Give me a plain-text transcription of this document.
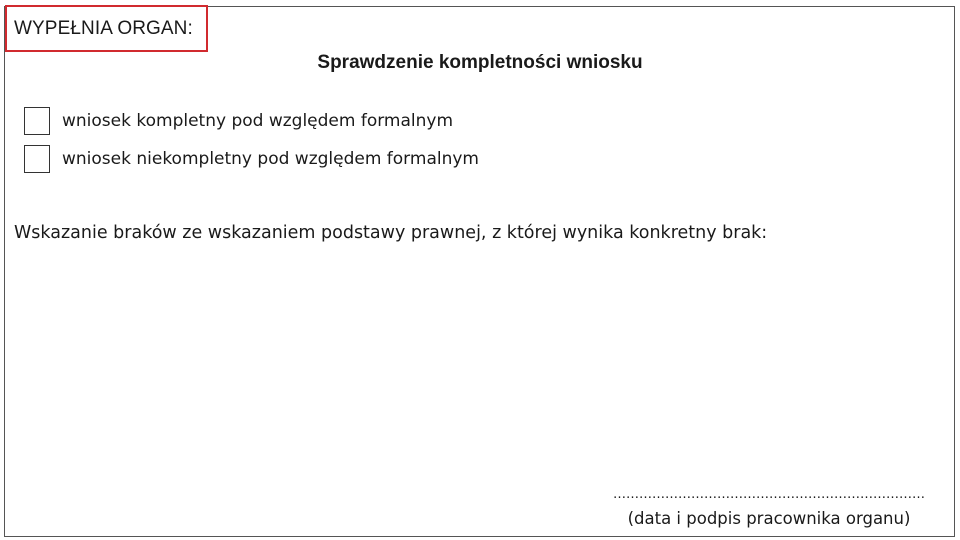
WYPEŁNIA ORGAN:
Sprawdzenie kompletności wniosku
wniosek kompletny pod względem formalnym
wniosek niekompletny pod względem formalnym
Wskazanie braków ze wskazaniem podstawy prawnej, z której wynika konkretny brak:
………………………………………………………………
(data i podpis pracownika organu)
